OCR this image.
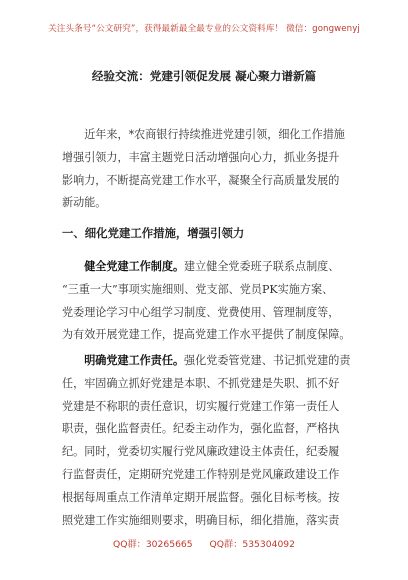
关注头条号“公文研究”，获得最新最全最专业的公文资料库！ 微信：gongwenyj
经验交流：党建引领促发展 凝心聚力谱新篇
近年来，*农商银行持续推进党建引领，细化工作措施
增强引领力，丰富主题党日活动增强向心力，抓业务提升
影响力，不断提高党建工作水平，凝聚全行高质量发展的
新动能。
一、细化党建工作措施，增强引领力
健全党建工作制度。建立健全党委班子联系点制度、
“三重一大”事项实施细则、党支部、党员PK实施方案、
党委理论学习中心组学习制度、党费使用、管理制度等，
为有效开展党建工作，提高党建工作水平提供了制度保障。
明确党建工作责任。强化党委管党建、书记抓党建的责
任，牢固确立抓好党建是本职、不抓党建是失职、抓不好
党建是不称职的责任意识，切实履行党建工作第一责任人
职责，强化监督责任。纪委主动作为，强化监督，严格执
纪。同时，党委切实履行党风廉政建设主体责任，纪委履
行监督责任，定期研究党建工作特别是党风廉政建设工作
根据每周重点工作清单定期开展监督。强化目标考核。按
照党建工作实施细则要求，明确目标，细化措施，落实责
QQ群：30265665 QQ群：535304092
